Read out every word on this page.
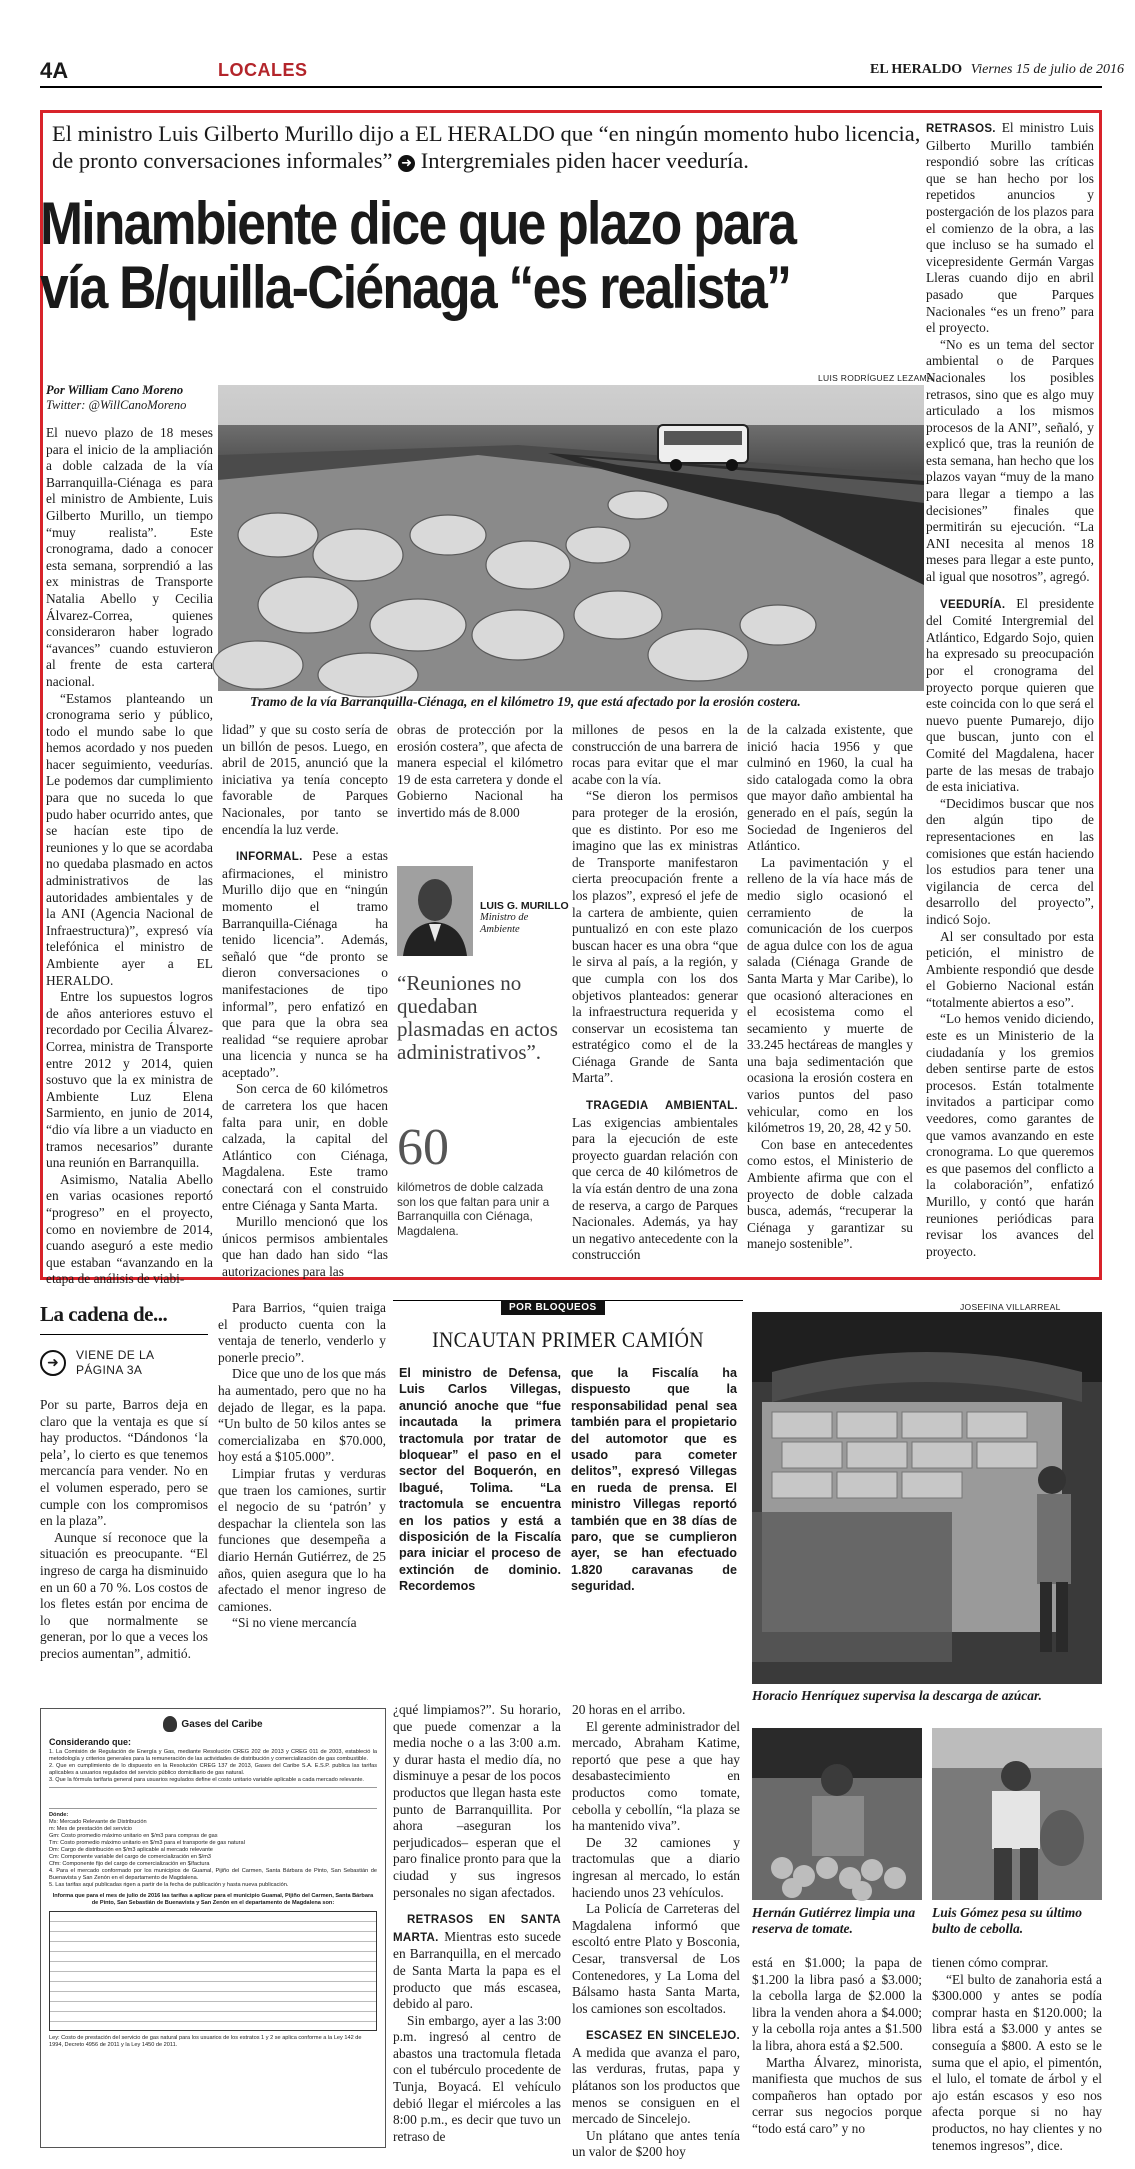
4A	LOCALES	EL HERALDO Viernes 15 de julio de 2016
El ministro Luis Gilberto Murillo dijo a EL HERALDO que “en ningún momento hubo licencia, de pronto conversaciones informales” ➜ Intergremiales piden hacer veeduría.
Minambiente dice que plazo para
vía B/quilla-Ciénaga “es realista”
Por William Cano Moreno
Twitter: @WillCanoMoreno
LUIS RODRÍGUEZ LEZAMA
Tramo de la vía Barranquilla-Ciénaga, en el kilómetro 19, que está afectado por la erosión costera.

El nuevo plazo de 18 meses para el inicio de la ampliación a doble calzada de la vía Barranquilla-Ciénaga es para el ministro de Ambiente, Luis Gilberto Murillo, un tiempo “muy realista”. Este cronograma, dado a conocer esta semana, sorprendió a las ex ministras de Transporte Natalia Abello y Cecilia Álvarez-Correa, quienes consideraron haber logrado “avances” cuando estuvieron al frente de esta cartera nacional.

“Estamos planteando un cronograma serio y público, todo el mundo sabe lo que hemos acordado y nos pueden hacer seguimiento, veedurías. Le podemos dar cumplimiento para que no suceda lo que pudo haber ocurrido antes, que se hacían este tipo de reuniones y lo que se acordaba no quedaba plasmado en actos administrativos de las autoridades ambientales y de la ANI (Agencia Nacional de Infraestructura)”, expresó vía telefónica el ministro de Ambiente ayer a EL HERALDO.

Entre los supuestos logros de años anteriores estuvo el recordado por Cecilia Álvarez-Correa, ministra de Transporte entre 2012 y 2014, quien sostuvo que la ex ministra de Ambiente Luz Elena Sarmiento, en junio de 2014, “dio vía libre a un viaducto en tramos necesarios” durante una reunión en Barranquilla.

Asimismo, Natalia Abello en varias ocasiones reportó “progreso” en el proyecto, como en noviembre de 2014, cuando aseguró a este medio que estaban “avanzando en la etapa de análisis de viabi-

lidad” y que su costo sería de un billón de pesos. Luego, en abril de 2015, anunció que la iniciativa ya tenía concepto favorable de Parques Nacionales, por tanto se encendía la luz verde.

INFORMAL. Pese a estas afirmaciones, el ministro Murillo dijo que en “ningún momento el tramo Barranquilla-Ciénaga ha tenido licencia”. Además, señaló que “de pronto se dieron conversaciones o manifestaciones de tipo informal”, pero enfatizó en que para que la obra sea realidad “se requiere aprobar una licencia y nunca se ha aceptado”.

Son cerca de 60 kilómetros de carretera los que hacen falta para unir, en doble calzada, la capital del Atlántico con Ciénaga, Magdalena. Este tramo conectará con el construido entre Ciénaga y Santa Marta.

Murillo mencionó que los únicos permisos ambientales que han dado han sido “las autorizaciones para las

obras de protección por la erosión costera”, que afecta de manera especial el kilómetro 19 de esta carretera y donde el Gobierno Nacional ha invertido más de 8.000

LUIS G. MURILLO
Ministro de Ambiente
“Reuniones no quedaban plasmadas en actos administrativos”.
60
kilómetros de doble calzada son los que faltan para unir a Barranquilla con Ciénaga, Magdalena.

millones de pesos en la construcción de una barrera de rocas para evitar que el mar acabe con la vía.

“Se dieron los permisos para proteger de la erosión, que es distinto. Por eso me imagino que las ex ministras de Transporte manifestaron cierta preocupación frente a los plazos”, expresó el jefe de la cartera de ambiente, quien puntualizó en con este plazo buscan hacer es una obra “que le sirva al país, a la región, y que cumpla con los dos objetivos planteados: generar la infraestructura requerida y conservar un ecosistema tan estratégico como el de la Ciénaga Grande de Santa Marta”.

TRAGEDIA AMBIENTAL. Las exigencias ambientales para la ejecución de este proyecto guardan relación con que cerca de 40 kilómetros de la vía están dentro de una zona de reserva, a cargo de Parques Nacionales. Además, ya hay un negativo antecedente con la construcción

de la calzada existente, que inició hacia 1956 y que culminó en 1960, la cual ha sido catalogada como la obra que mayor daño ambiental ha generado en el país, según la Sociedad de Ingenieros del Atlántico.

La pavimentación y el relleno de la vía hace más de medio siglo ocasionó el cerramiento de la comunicación de los cuerpos de agua dulce con los de agua salada (Ciénaga Grande de Santa Marta y Mar Caribe), lo que ocasionó alteraciones en el ecosistema como el secamiento y muerte de 33.245 hectáreas de mangles y una baja sedimentación que ocasiona la erosión costera en varios puntos del paso vehicular, como en los kilómetros 19, 20, 28, 42 y 50.

Con base en antecedentes como estos, el Ministerio de Ambiente afirma que con el proyecto de doble calzada busca, además, “recuperar la Ciénaga y garantizar su manejo sostenible”.

RETRASOS. El ministro Luis Gilberto Murillo también respondió sobre las críticas que se han hecho por los repetidos anuncios y postergación de los plazos para el comienzo de la obra, a las que incluso se ha sumado el vicepresidente Germán Vargas Lleras cuando dijo en abril pasado que Parques Nacionales “es un freno” para el proyecto.

“No es un tema del sector ambiental o de Parques Nacionales los posibles retrasos, sino que es algo muy articulado a los mismos procesos de la ANI”, señaló, y explicó que, tras la reunión de esta semana, han hecho que los plazos vayan “muy de la mano para llegar a tiempo a las decisiones” finales que permitirán su ejecución. “La ANI necesita al menos 18 meses para llegar a este punto, al igual que nosotros”, agregó.

VEEDURÍA. El presidente del Comité Intergremial del Atlántico, Edgardo Sojo, quien ha expresado su preocupación por el cronograma del proyecto porque quieren que este coincida con lo que será el nuevo puente Pumarejo, dijo que buscan, junto con el Comité del Magdalena, hacer parte de las mesas de trabajo de esta iniciativa.

“Decidimos buscar que nos den algún tipo de representaciones en las comisiones que están haciendo los estudios para tener una vigilancia de cerca del desarrollo del proyecto”, indicó Sojo.

Al ser consultado por esta petición, el ministro de Ambiente respondió que desde el Gobierno Nacional están “totalmente abiertos a eso”.

“Lo hemos venido diciendo, este es un Ministerio de la ciudadanía y los gremios deben sentirse parte de estos procesos. Están totalmente invitados a participar como veedores, como garantes de que vamos avanzando en este cronograma. Lo que queremos es que pasemos del conflicto a la colaboración”, enfatizó Murillo, y contó que harán reuniones periódicas para revisar los avances del proyecto.

La cadena de...
➜	VIENE DE LA PÁGINA 3A

Por su parte, Barros deja en claro que la ventaja es que sí hay productos. “Dándonos ‘la pela’, lo cierto es que tenemos mercancía para vender. No en el volumen esperado, pero se cumple con los compromisos en la plaza”.

Aunque sí reconoce que la situación es preocupante. “El ingreso de carga ha disminuido en un 60 a 70 %. Los costos de los fletes están por encima de lo que normalmente se generan, por lo que a veces los precios aumentan”, admitió.

Para Barrios, “quien traiga el producto cuenta con la ventaja de tenerlo, venderlo y ponerle precio”.

Dice que uno de los que más ha aumentado, pero que no ha dejado de llegar, es la papa. “Un bulto de 50 kilos antes se comercializaba en $70.000, hoy está a $105.000”.

Limpiar frutas y verduras que traen los camiones, surtir el negocio de su ‘patrón’ y despachar la clientela son las funciones que desempeña a diario Hernán Gutiérrez, de 25 años, quien asegura que lo ha afectado el menor ingreso de camiones.

“Si no viene mercancía

POR BLOQUEOS
INCAUTAN PRIMER CAMIÓN
El ministro de Defensa, Luis Carlos Villegas, anunció anoche que “fue incautada la primera tractomula por tratar de bloquear” el paso en el sector del Boquerón, en Ibagué, Tolima. “La tractomula se encuentra en los patios y está a disposición de la Fiscalía para iniciar el proceso de extinción de dominio. Recordemos
que la Fiscalía ha dispuesto que la responsabilidad penal sea también para el propietario del automotor que es usado para cometer delitos”, expresó Villegas en rueda de prensa. El ministro Villegas reportó también que en 38 días de paro, que se cumplieron ayer, se han efectuado 1.820 caravanas de seguridad.
JOSEFINA VILLARREAL
Horacio Henríquez supervisa la descarga de azúcar.
Hernán Gutiérrez limpia una reserva de tomate.
Luis Gómez pesa su último bulto de cebolla.

¿qué limpiamos?”. Su horario, que puede comenzar a la media noche o a las 3:00 a.m. y durar hasta el medio día, no disminuye a pesar de los pocos productos que llegan hasta este punto de Barranquillita. Por ahora –aseguran los perjudicados– esperan que el paro finalice pronto para que la ciudad y sus ingresos personales no sigan afectados.

RETRASOS EN SANTA MARTA. Mientras esto sucede en Barranquilla, en el mercado de Santa Marta la papa es el producto que más escasea, debido al paro.

Sin embargo, ayer a las 3:00 p.m. ingresó al centro de abastos una tractomula fletada con el tubérculo procedente de Tunja, Boyacá. El vehículo debió llegar el miércoles a las 8:00 p.m., es decir que tuvo un retraso de

20 horas en el arribo.

El gerente administrador del mercado, Abraham Katime, reportó que pese a que hay desabastecimiento en productos como tomate, cebolla y cebollín, “la plaza se ha mantenido viva”.

De 32 camiones y tractomulas que a diario ingresan al mercado, lo están haciendo unos 23 vehículos.

La Policía de Carreteras del Magdalena informó que escoltó entre Plato y Bosconia, Cesar, transversal de Los Contenedores, y La Loma del Bálsamo hasta Santa Marta, los camiones son escoltados.

ESCASEZ EN SINCELEJO. A medida que avanza el paro, las verduras, frutas, papa y plátanos son los productos que menos se consiguen en el mercado de Sincelejo.

Un plátano que antes tenía un valor de $200 hoy

está en $1.000; la papa de $1.200 la libra pasó a $3.000; la cebolla larga de $2.000 la libra la venden ahora a $4.000; y la cebolla roja antes a $1.500 la libra, ahora está a $2.500.

Martha Álvarez, minorista, manifiesta que muchos de sus compañeros han optado por cerrar sus negocios porque “todo está caro” y no

tienen cómo comprar.

“El bulto de zanahoria está a $300.000 y antes se podía comprar hasta en $120.000; la libra está a $3.000 y antes se conseguía a $800. A esto se le suma que el apio, el pimentón, el lulo, el tomate de árbol y el ajo están escasos y eso nos afecta porque si no hay productos, no hay clientes y no tenemos ingresos”, dice.

Gases del Caribe
Considerando que:
1. La Comisión de Regulación de Energía y Gas, mediante Resolución CREG 202 de 2013 y CREG 011 de 2003, estableció la metodología y criterios generales para la remuneración de las actividades de distribución y comercialización de gas combustible.
2. Que en cumplimiento de lo dispuesto en la Resolución CREG 137 de 2013, Gases del Caribe S.A. E.S.P. publica las tarifas aplicables a usuarios regulados del servicio público domiciliario de gas natural.
3. Que la fórmula tarifaria general para usuarios regulados define el costo unitario variable aplicable a cada mercado relevante.
Dónde:
Ms: Mercado Relevante de Distribución
m: Mes de prestación del servicio
Gm: Costo promedio máximo unitario en $/m3 para compras de gas
Tm: Costo promedio máximo unitario en $/m3 para el transporte de gas natural
Dm: Cargo de distribución en $/m3 aplicable al mercado relevante
Cm: Componente variable del cargo de comercialización en $/m3
Cfm: Componente fijo del cargo de comercialización en $/factura
4. Para el mercado conformado por los municipios de Guamal, Pijiño del Carmen, Santa Bárbara de Pinto, San Sebastián de Buenavista y San Zenón en el departamento de Magdalena.
5. Las tarifas aquí publicadas rigen a partir de la fecha de publicación y hasta nueva publicación.
Informa que para el mes de julio de 2016 las tarifas a aplicar para el municipio Guamal, Pijiño del Carmen, Santa Bárbara de Pinto, San Sebastián de Buenavista y San Zenón en el departamento de Magdalena son:
Ley: Costo de prestación del servicio de gas natural para los usuarios de los estratos 1 y 2 se aplica conforme a la Ley 142 de 1994, Decreto 4956 de 2011 y la Ley 1450 de 2011.
